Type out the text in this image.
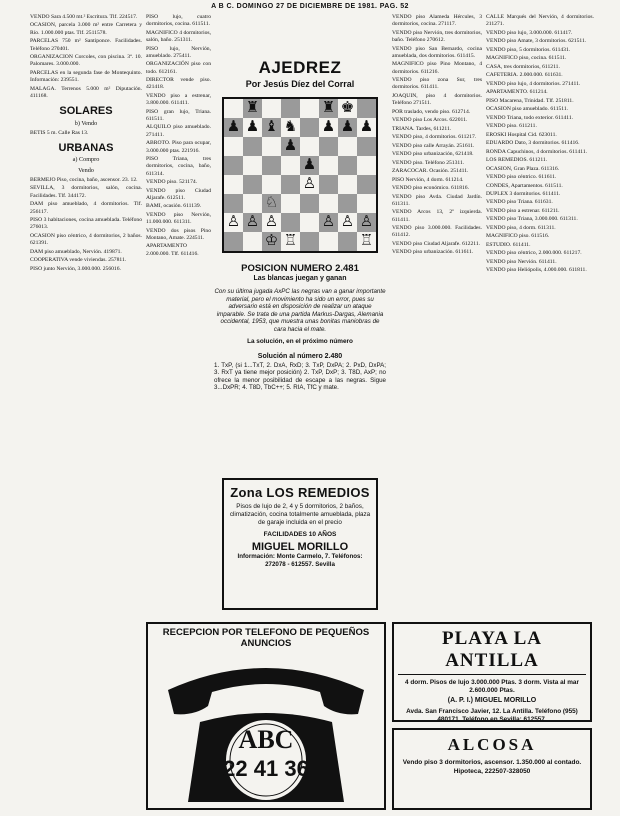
A B C. DOMINGO 27 DE DICIEMBRE DE 1981. PAG. 52

VENDO Sara 4.500 mt.² Escritura. Tlf. 224517.

OCASION, parcela 3.000 m² entre Carretera y Río. 1.000.000 ptas. Tlf. 2511578.

PARCELAS 750 m² Santiponce. Facilidades. Teléfono 270401.

ORGANIZACION Corcoles, con piscina. 3ª. 10. Palomares. 3.000.000.

PARCELAS en la segunda fase de Montequinto. Información: 239551.

MALAGA. Terrenos 5.000 m² Diputación. 411168.

SOLARES
b) Vendo

BETIS 5 m. Calle Ras 13.

URBANAS
a) Compro
Vendo

BERMEJO Piso, cocina, baño, ascensor. 23. 12.

SEVILLA, 3 dormitorios, salón, cocina. Facilidades. Tlf. 344172.

DAM piso amueblado, 4 dormitorios. Tlf. 256117.

PISO 3 habitaciones, cocina amueblada. Teléfono 276013.

OCASION piso céntrico, 4 dormitorios, 2 baños. 621391.

DAM piso amueblado, Nervión. 419871.

COOPERATIVA vende viviendas. 257811.

PISO junto Nervión, 3.000.000. 256016.

PISO lujo, cuatro dormitorios, cocina. 611511.

MAGNIFICO 4 dormitorios, salón, baño. 251311.

PISO lujo, Nervión, amueblado. 275411.

ORGANIZACIÓN piso con todo. 612161.

DIRECTOR vende piso. 421418.

VENDO piso a estrenar, 3.800.000. 611411.

PISO gran lujo, Triana. 611511.

ALQUILO piso amueblado. 271411.

ABROTO. Piso para ocupar, 3.000.000 ptas. 221916.

PISO Triana, tres dormitorios, cocina, baño, 611314.

VENDO piso. 521174.

VENDO piso Ciudad Aljarafe. 612511.

BAMI, ocasión. 611139.

VENDO piso Nervión, 11.000.000. 611311.

VENDO dos pisos Pino Montano, Amate. 224511.

APARTAMENTO 2.000.000. Tlf. 611416.

AJEDREZ
Por Jesús Díez del Corral
♜	♜ ♚
♟ ♟ ♝ ♞ ♟ ♟ ♟
♟
♟
♙
♘
♙ ♙ ♙	♙ ♙ ♙
♔ ♖	♖
POSICION NUMERO 2.481
Las blancas juegan y ganan
Con su última jugada AxPC las negras van a ganar importante material, pero el movimiento ha sido un error, pues su adversario está en disposición de realizar un ataque imparable. Se trata de una partida Markus-Dargas, Alemania occidental, 1953, que muestra unas bonitas maniobras de cara hacia el mate.
La solución, en el próximo número
Solución al número 2.480
1. TxP, (si 1...TxT, 2. DxA, RxD; 3. TxP, DxPA; 2. PxD, DxPA; 3. RxT ya tiene mejor posición) 2. TxP, DxP; 3. T8D, AxP; no ofrece la menor posibilidad de escape a las negras. Sigue 3...DxPR; 4. T8D, TbC++; 5. RIA, TfC y mate.
Zona LOS REMEDIOS
Pisos de lujo de 2, 4 y 5 dormitorios, 2 baños, climatización, cocina totalmente amueblada, plaza de garaje incluida en el precio
FACILIDADES 10 AÑOS
MIGUEL MORILLO
Información: Monte Carmelo, 7. Teléfonos: 272078 - 612557. Sevilla

VENDO piso Alameda Hércules, 3 dormitorios, cocina. 271117.

VENDO piso Nervión, tres dormitorios, baño. Teléfono 270612.

VENDO piso San Bernardo, cocina amueblada, dos dormitorios. 611415.

MAGNIFICO piso Pino Montano, 4 dormitorios. 611216.

VENDO piso zona Sur, tres dormitorios. 611411.

JOAQUIN, piso 4 dormitorios. Teléfono 271511.

POR traslado, vendo piso. 612714.

VENDO piso Los Arcos. 622011.

TRIANA. Tardes, 611211.

VENDO piso, 4 dormitorios. 611217.

VENDO piso calle Arrayán. 251611.

VENDO piso urbanización, 621418.

VENDO piso. Teléfono 251311.

ZARACOCAR. Ocasión. 251411.

PISO Nervión, 4 dorm. 611214.

VENDO piso económico. 611816.

VENDO piso Avda. Ciudad Jardín. 611311.

VENDO Arcos 13, 2º izquierda. 611411.

VENDO piso 3.000.000. Facilidades. 611412.

VENDO piso Ciudad Aljarafe. 612211.

VENDO piso urbanización. 611611.

CALLE Marqués del Nervión, 4 dormitorios. 211271.

VENDO piso lujo, 3.000.000. 611417.

VENDO piso Amate, 3 dormitorios. 621511.

VENDO piso, 5 dormitorios. 611431.

MAGNIFICO piso, cocina. 611511.

CASA, tres dormitorios, 611211.

CAFETERIA. 2.000.000. 611631.

VENDO piso lujo, 4 dormitorios. 271411.

APARTAMENTO. 611214.

PISO Macarena, Trinidad. Tlf. 251811.

OCASION piso amueblado. 611511.

VENDO Triana, todo exterior. 611411.

VENDO piso. 611211.

EROSKI Hospital Cid. 623011.

EDUARDO Dato, 3 dormitorios. 611416.

RONDA Capuchinos, 4 dormitorios. 611411.

LOS REMEDIOS. 611211.

OCASION, Gran Plaza. 611316.

VENDO piso céntrico. 611611.

CONDES, Apartamentos. 611511.

DUPLEX 3 dormitorios. 611411.

VENDO piso Triana. 611631.

VENDO piso a estrenar. 611211.

VENDO piso Triana, 3.000.000. 611311.

VENDO piso, 4 dorm. 611311.

MAGNIFICO piso. 611516.

ESTUDIO. 611411.

VENDO piso céntrico, 2.000.000. 611217.

VENDO piso Nervión. 611411.

VENDO piso Heliópolis, 4.000.000. 611811.

RECEPCION POR TELEFONO DE PEQUEÑOS ANUNCIOS
ABC
22 41 36
PLAYA LA ANTILLA
4 dorm. Pisos de lujo 3.000.000 Ptas. 3 dorm. Vista al mar 2.600.000 Ptas.
(A. P. I.) MIGUEL MORILLO
Avda. San Francisco Javier, 12. La Antilla. Teléfono (955) 480171. Teléfono en Sevilla: 612557.
ALCOSA
Vendo piso 3 dormitorios, ascensor. 1.350.000 al contado. Hipoteca, 222507-328050
